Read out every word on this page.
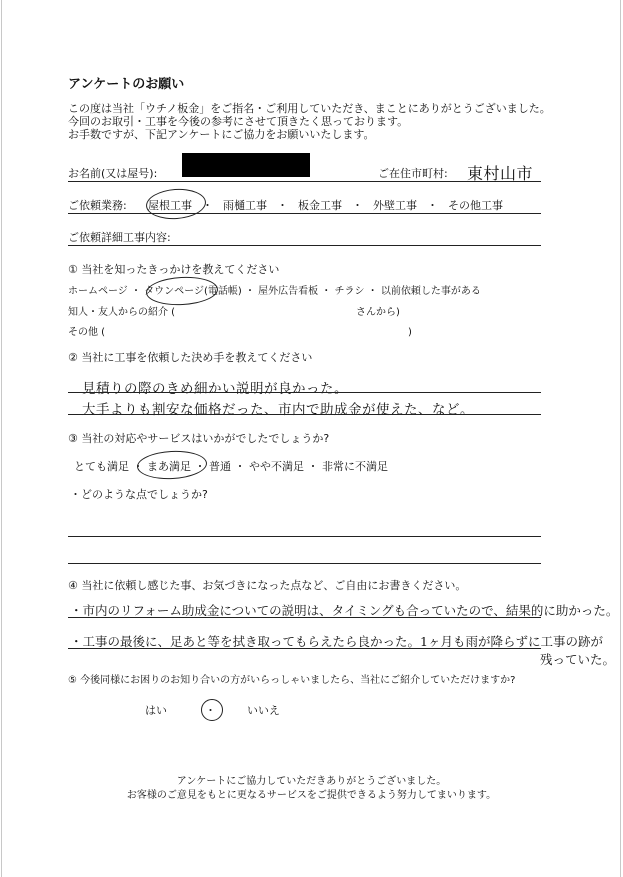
アンケートのお願い
この度は当社「ウチノ板金」をご指名・ご利用していただき、まことにありがとうございました。
今回のお取引・工事を今後の参考にさせて頂きたく思っております。
お手数ですが、下記アンケートにご協力をお願いいたします。
お名前(又は屋号):	ご在住市町村: 東村山市
ご依頼業務: 屋根工事 ・ 雨樋工事 ・ 板金工事 ・ 外壁工事 ・ その他工事
ご依頼詳細工事内容:
① 当社を知ったきっかけを教えてください
ホームページ ・ タウンページ(電話帳) ・ 屋外広告看板 ・ チラシ ・ 以前依頼した事がある
知人・友人からの紹介 (	さんから)
その他 (	)
② 当社に工事を依頼した決め手を教えてください
見積りの際のきめ細かい説明が良かった。
大手よりも割安な価格だった、市内で助成金が使えた、など。
③ 当社の対応やサービスはいかがでしたでしょうか?
とても満足 ・ まあ満足 ・ 普通 ・ やや不満足 ・ 非常に不満足
・どのような点でしょうか?
④ 当社に依頼し感じた事、お気づきになった点など、ご自由にお書きください。
・市内のリフォーム助成金についての説明は、タイミングも合っていたので、結果的に助かった。
・工事の最後に、足あと等を拭き取ってもらえたら良かった。1ヶ月も雨が降らずに工事の跡が
残っていた。
⑤ 今後同様にお困りのお知り合いの方がいらっしゃいましたら、当社にご紹介していただけますか?
はい	・	いいえ
アンケートにご協力していただきありがとうございました。
お客様のご意見をもとに更なるサービスをご提供できるよう努力してまいります。
